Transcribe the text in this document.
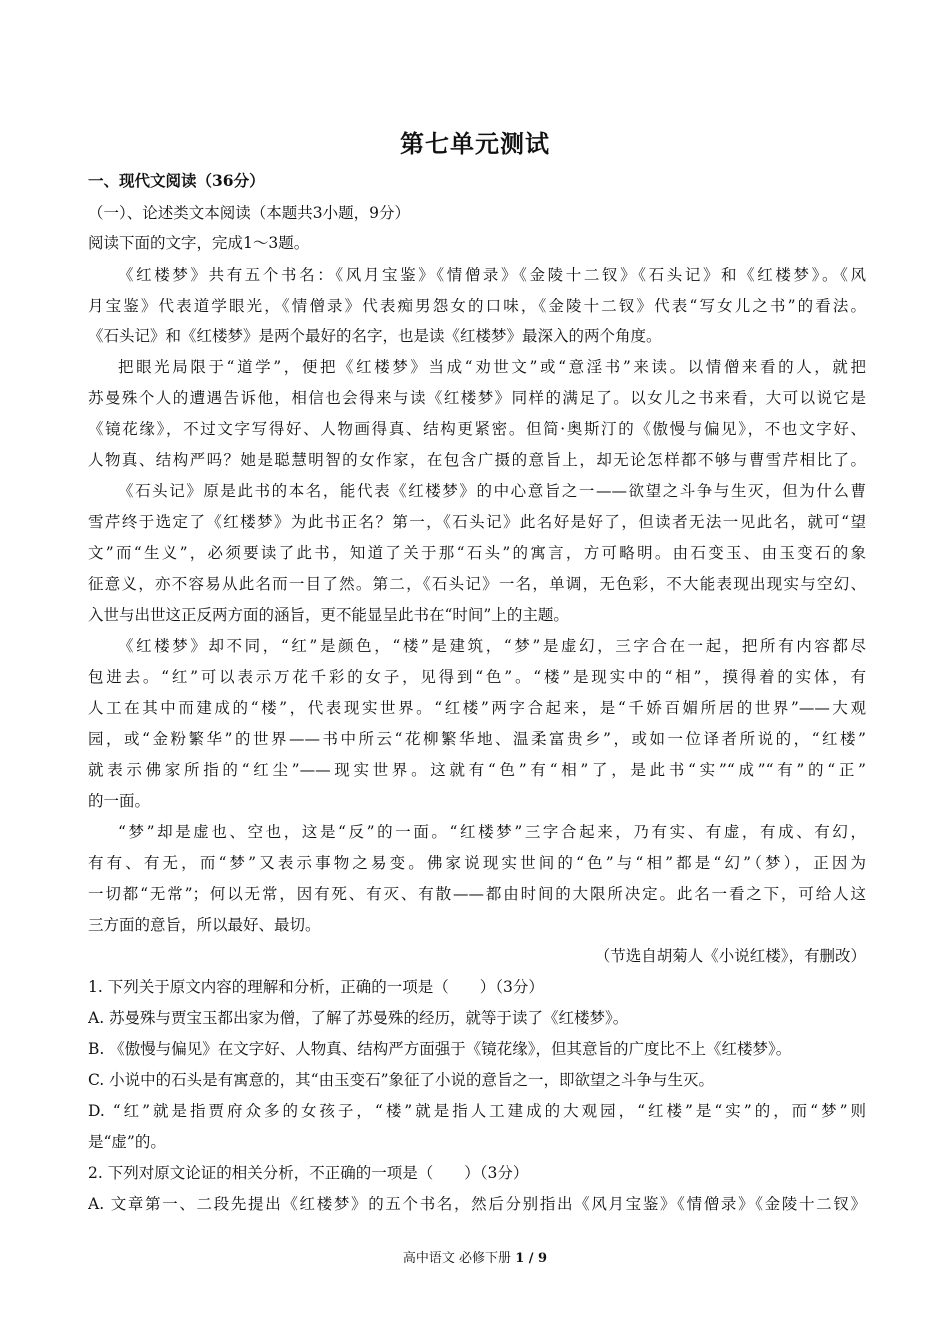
第七单元测试
一、现代文阅读（36分）
（一）、论述类文本阅读（本题共3小题，9分）
阅读下面的文字，完成1～3题。
《红楼梦》共有五个书名：《风月宝鉴》《情僧录》《金陵十二钗》《石头记》和《红楼梦》。《风
月宝鉴》代表道学眼光，《情僧录》代表痴男怨女的口味，《金陵十二钗》代表“写女儿之书”的看法。
《石头记》和《红楼梦》是两个最好的名字，也是读《红楼梦》最深入的两个角度。
把眼光局限于“道学”，便把《红楼梦》当成“劝世文”或“意淫书”来读。以情僧来看的人，就把
苏曼殊个人的遭遇告诉他，相信也会得来与读《红楼梦》同样的满足了。以女儿之书来看，大可以说它是
《镜花缘》，不过文字写得好、人物画得真、结构更紧密。但简·奥斯汀的《傲慢与偏见》，不也文字好、
人物真、结构严吗？她是聪慧明智的女作家，在包含广摄的意旨上，却无论怎样都不够与曹雪芹相比了。
《石头记》原是此书的本名，能代表《红楼梦》的中心意旨之一——欲望之斗争与生灭，但为什么曹
雪芹终于选定了《红楼梦》为此书正名？第一，《石头记》此名好是好了，但读者无法一见此名，就可“望
文”而“生义”，必须要读了此书，知道了关于那“石头”的寓言，方可略明。由石变玉、由玉变石的象
征意义，亦不容易从此名而一目了然。第二，《石头记》一名，单调，无色彩，不大能表现出现实与空幻、
入世与出世这正反两方面的涵旨，更不能显呈此书在“时间”上的主题。
《红楼梦》却不同，“红”是颜色，“楼”是建筑，“梦”是虚幻，三字合在一起，把所有内容都尽
包进去。“红”可以表示万花千彩的女子，见得到“色”。“楼”是现实中的“相”，摸得着的实体，有
人工在其中而建成的“楼”，代表现实世界。“红楼”两字合起来，是“千娇百媚所居的世界”——大观
园，或“金粉繁华”的世界——书中所云“花柳繁华地、温柔富贵乡”，或如一位译者所说的，“红楼”
就表示佛家所指的“红尘”——现实世界。这就有“色”有“相”了，是此书“实”“成”“有”的“正”
的一面。
“梦”却是虚也、空也，这是“反”的一面。“红楼梦”三字合起来，乃有实、有虚，有成、有幻，
有有、有无，而“梦”又表示事物之易变。佛家说现实世间的“色”与“相”都是“幻”（梦），正因为
一切都“无常”；何以无常，因有死、有灭、有散——都由时间的大限所决定。此名一看之下，可给人这
三方面的意旨，所以最好、最切。
（节选自胡菊人《小说红楼》，有删改）
1. 下列关于原文内容的理解和分析，正确的一项是（　　）（3分）
A. 苏曼殊与贾宝玉都出家为僧，了解了苏曼殊的经历，就等于读了《红楼梦》。
B. 《傲慢与偏见》在文字好、人物真、结构严方面强于《镜花缘》，但其意旨的广度比不上《红楼梦》。
C. 小说中的石头是有寓意的，其“由玉变石”象征了小说的意旨之一，即欲望之斗争与生灭。
D. “红”就是指贾府众多的女孩子，“楼”就是指人工建成的大观园，“红楼”是“实”的，而“梦”则
是“虚”的。
2. 下列对原文论证的相关分析，不正确的一项是（　　）（3分）
A. 文章第一、二段先提出《红楼梦》的五个书名，然后分别指出《风月宝鉴》《情僧录》《金陵十二钗》
高中语文 必修下册 1 / 9
